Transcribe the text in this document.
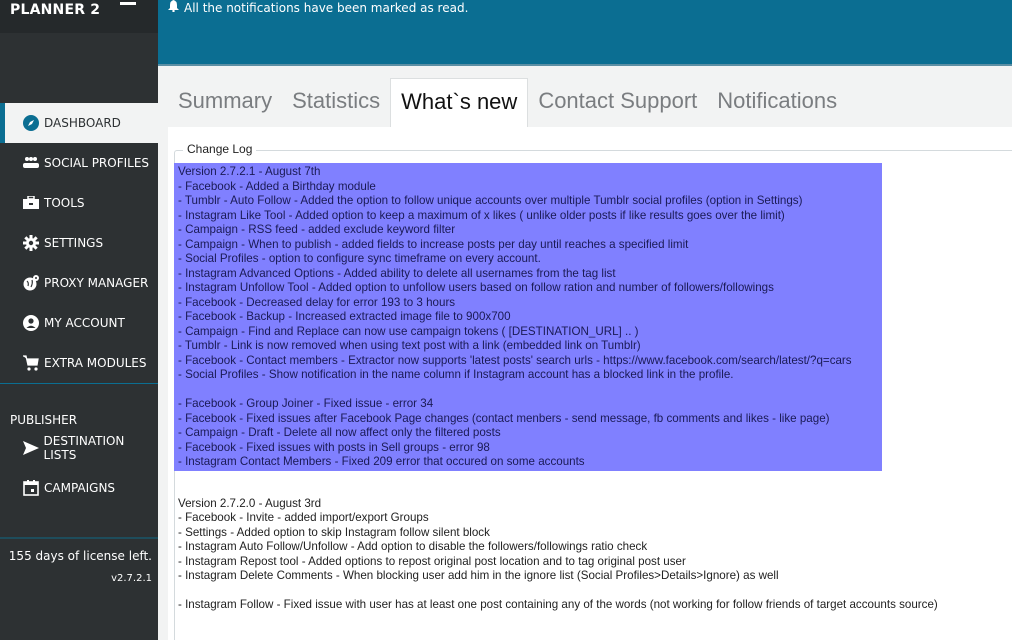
PLANNER 2
DASHBOARD
SOCIAL PROFILES
TOOLS
SETTINGS
PROXY MANAGER
MY ACCOUNT
EXTRA MODULES
PUBLISHER
DESTINATION LISTS
CAMPAIGNS
155 days of license left.
v2.7.2.1
All the notifications have been marked as read.
Summary Statistics What`s new Contact Support Notifications
Change Log
Version 2.7.2.1 - August 7th
- Facebook - Added a Birthday module
- Tumblr - Auto Follow - Added the option to follow unique accounts over multiple Tumblr social profiles (option in Settings)
- Instagram Like Tool - Added option to keep a maximum of x likes ( unlike older posts if like results goes over the limit)
- Campaign - RSS feed - added exclude keyword filter
- Campaign - When to publish - added fields to increase posts per day until reaches a specified limit
- Social Profiles - option to configure sync timeframe on every account.
- Instagram Advanced Options - Added ability to delete all usernames from the tag list
- Instagram Unfollow Tool - Added option to unfollow users based on follow ration and number of followers/followings
- Facebook - Decreased delay for error 193 to 3 hours
- Facebook - Backup - Increased extracted image file to 900x700
- Campaign - Find and Replace can now use campaign tokens ( [DESTINATION_URL] .. )
- Tumblr - Link is now removed when using text post with a link (embedded link on Tumblr)
- Facebook - Contact members - Extractor now supports 'latest posts' search urls - https://www.facebook.com/search/latest/?q=cars
- Social Profiles - Show notification in the name column if Instagram account has a blocked link in the profile.
- Facebook - Group Joiner - Fixed issue - error 34
- Facebook - Fixed issues after Facebook Page changes (contact menbers - send message, fb comments and likes - like page)
- Campaign - Draft - Delete all now affect only the filtered posts
- Facebook - Fixed issues with posts in Sell groups - error 98
- Instagram Contact Members - Fixed 209 error that occured on some accounts
Version 2.7.2.0 - August 3rd
- Facebook - Invite - added import/export Groups
- Settings - Added option to skip Instagram follow silent block
- Instagram Auto Follow/Unfollow - Add option to disable the followers/followings ratio check
- Instagram Repost tool - Added options to repost original post location and to tag original post user
- Instagram Delete Comments - When blocking user add him in the ignore list (Social Profiles>Details>Ignore) as well
- Instagram Follow - Fixed issue with user has at least one post containing any of the words (not working for follow friends of target accounts source)
